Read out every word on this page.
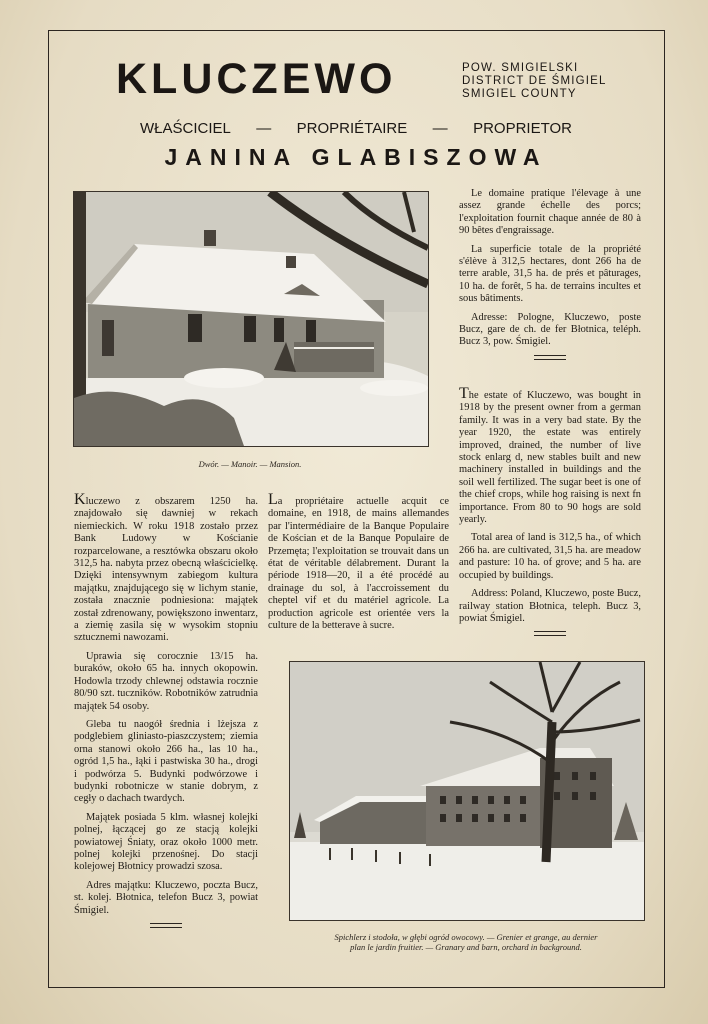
KLUCZEWO	POW. SMIGIELSKI
DISTRICT DE ŚMIGIEL
SMIGIEL COUNTY
WŁAŚCICIEL — PROPRIÉTAIRE — PROPRIETOR
JANINA GLABISZOWA
Dwór. — Manoir. — Mansion.

Le domaine pratique l'élevage à une assez grande échelle des porcs; l'exploitation fournit chaque année de 80 à 90 bêtes d'engraissage.

La superficie totale de la propriété s'élève à 312,5 hectares, dont 266 ha de terre arable, 31,5 ha. de prés et pâturages, 10 ha. de forêt, 5 ha. de terrains incultes et sous bâtiments.

Adresse: Pologne, Kluczewo, poste Bucz, gare de ch. de fer Błotnica, teléph. Bucz 3, pow. Śmigiel.

The estate of Kluczewo, was bought in 1918 by the present owner from a german family. It was in a very bad state. By the year 1920, the estate was entirely improved, drained, the number of live stock enlarg d, new stables built and new machinery installed in buildings and the soil well fertilized. The sugar beet is one of the chief crops, while hog raising is next fn importance. From 80 to 90 hogs are sold yearly.

Total area of land is 312,5 ha., of which 266 ha. are cultivated, 31,5 ha. are meadow and pasture: 10 ha. of grove; and 5 ha. are occupied by buildings.

Address: Poland, Kluczewo, poste Bucz, railway station Błotnica, teleph. Bucz 3, powiat Śmigiel.

Kluczewo z obszarem 1250 ha. znajdowało się dawniej w rekach niemieckich. W roku 1918 zostało przez Bank Ludowy w Kościanie rozparcelowane, a resztówka obszaru około 312,5 ha. nabyta przez obecną właścicielkę. Dzięki intensywnym zabiegom kultura majątku, znajdującego się w lichym stanie, została znacznie podniesiona: majątek został zdrenowany, powiększono inwentarz, a ziemię zasila się w wysokim stopniu sztucznemi nawozami.

Uprawia się corocznie 13/15 ha. buraków, około 65 ha. innych okopowin. Hodowla trzody chlewnej odstawia rocznie 80/90 szt. tuczników. Robotników zatrudnia majątek 54 osoby.

Gleba tu naogół średnia i lżejsza z podglebiem gliniasto-piaszczystem; ziemia orna stanowi około 266 ha., las 10 ha., ogród 1,5 ha., łąki i pastwiska 30 ha., drogi i podwórza 5. Budynki podwórzowe i budynki robotnicze w stanie dobrym, z cegły o dachach twardych.

Majątek posiada 5 klm. własnej kolejki polnej, łączącej go ze stacją kolejki powiatowej Śniaty, oraz około 1000 metr. polnej kolejki przenośnej. Do stacji kolejowej Błotnicy prowadzi szosa.

Adres majątku: Kluczewo, poczta Bucz, st. kolej. Błotnica, telefon Bucz 3, powiat Śmigiel.

La propriétaire actuelle acquit ce domaine, en 1918, de mains allemandes par l'intermédiaire de la Banque Populaire de Kościan et de la Banque Populaire de Przemęta; l'exploitation se trouvait dans un état de véritable délabrement. Durant la période 1918—20, il a été procédé au drainage du sol, à l'accroissement du cheptel vif et du matériel agricole. La production agricole est orientée vers la culture de la betterave à sucre.

Spichlerz i stodoła, w głębi ogród owocowy. — Grenier et grange, au dernier
plan le jardin fruitier. — Granary and barn, orchard in background.
